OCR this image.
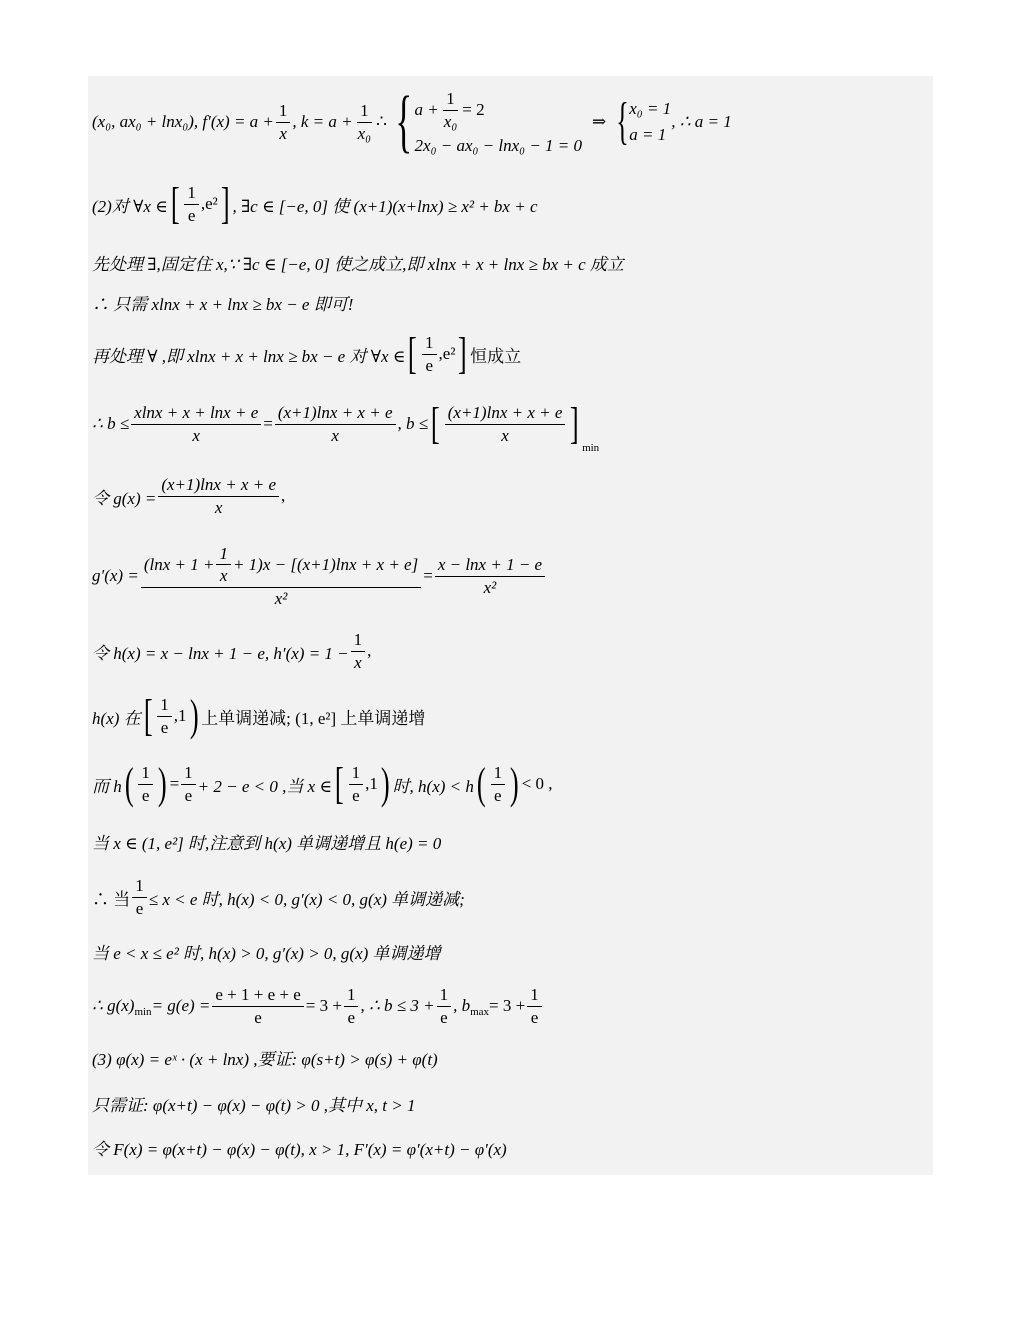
(x₀, ax₀ + lnx₀), $f'(x) = a + \frac{1}{x}$ , $k = a + \frac{1}{\text{x₀}}$ ∴ { $a + \frac{1}{\text{x₀}} = 2$
2x₀ − ax₀ − lnx₀ − 1 = 0
⇒ { x₀ = 1
a = 1
, ∴ a = 1
(2)对 ∀x ∈ [ $\frac{1}{e}$ , e² ] , ∃c ∈ [−e, 0] 使 (x+1)(x+lnx) ≥ x² + bx + c
先处理 ∃,固定住 x,∵ ∃c ∈ [−e, 0] 使之成立,即 xlnx + x + lnx ≥ bx + c 成立
∴ 只需 xlnx + x + lnx ≥ bx − e 即可!
再处理 ∀ ,即 xlnx + x + lnx ≥ bx − e 对 ∀x ∈ [ $\frac{1}{e}$ , e² ] 恒成立
∴ $b \le \frac{xlnx + x + \ln x + e}{x} = \frac{(x+1)\ln x + x + e}{x}$ , b ≤ [ $\frac{(x+1)\ln x + x + e}{x}$ ] min
令 $g(x) = \frac{(x+1)\ln x + x + e}{x}$ ,
$g'(x) = \frac{(\ln x + 1 + \frac{1}{x} + 1)x - [(x+1)\ln x + x + e]}{\text{x²}} = \frac{x - \ln x + 1 - e}{\text{x²}}$
令 h(x) = x − lnx + 1 − e, $h'(x) = 1 - \frac{1}{x}$ ,
h(x) 在 [ $\frac{1}{e} ,1$ ) 上单调递减; (1, e²] 上单调递增
而 h ( $\frac{1}{e}$ ) = $\frac{1}{e} + 2 - e < 0$ ,当 x ∈ [ $\frac{1}{e} ,1$ ) 时, h(x) < h ( $\frac{1}{e}$ ) < 0 ,
当 x ∈ (1, e²] 时,注意到 h(x) 单调递增且 h(e) = 0
∴ 当 $\frac{1}{e} \le x < e$ 时, h(x) < 0, g′(x) < 0, g(x) 单调递减;
当 e < x ≤ e² 时, h(x) > 0, g′(x) > 0, g(x) 单调递增
∴ g(x) $\min = g(e) = \frac{e + 1 + e + e}{e} = 3 + \frac{1}{e}$ , ∴ $b \le 3 + \frac{1}{e}$ , b $\max = 3 + \frac{1}{e}$
(3) φ(x) = eˣ · (x + lnx) ,要证: φ(s+t) > φ(s) + φ(t)
只需证: φ(x+t) − φ(x) − φ(t) > 0 ,其中 x, t > 1
令 F(x) = φ(x+t) − φ(x) − φ(t), x > 1, F′(x) = φ′(x+t) − φ′(x)
